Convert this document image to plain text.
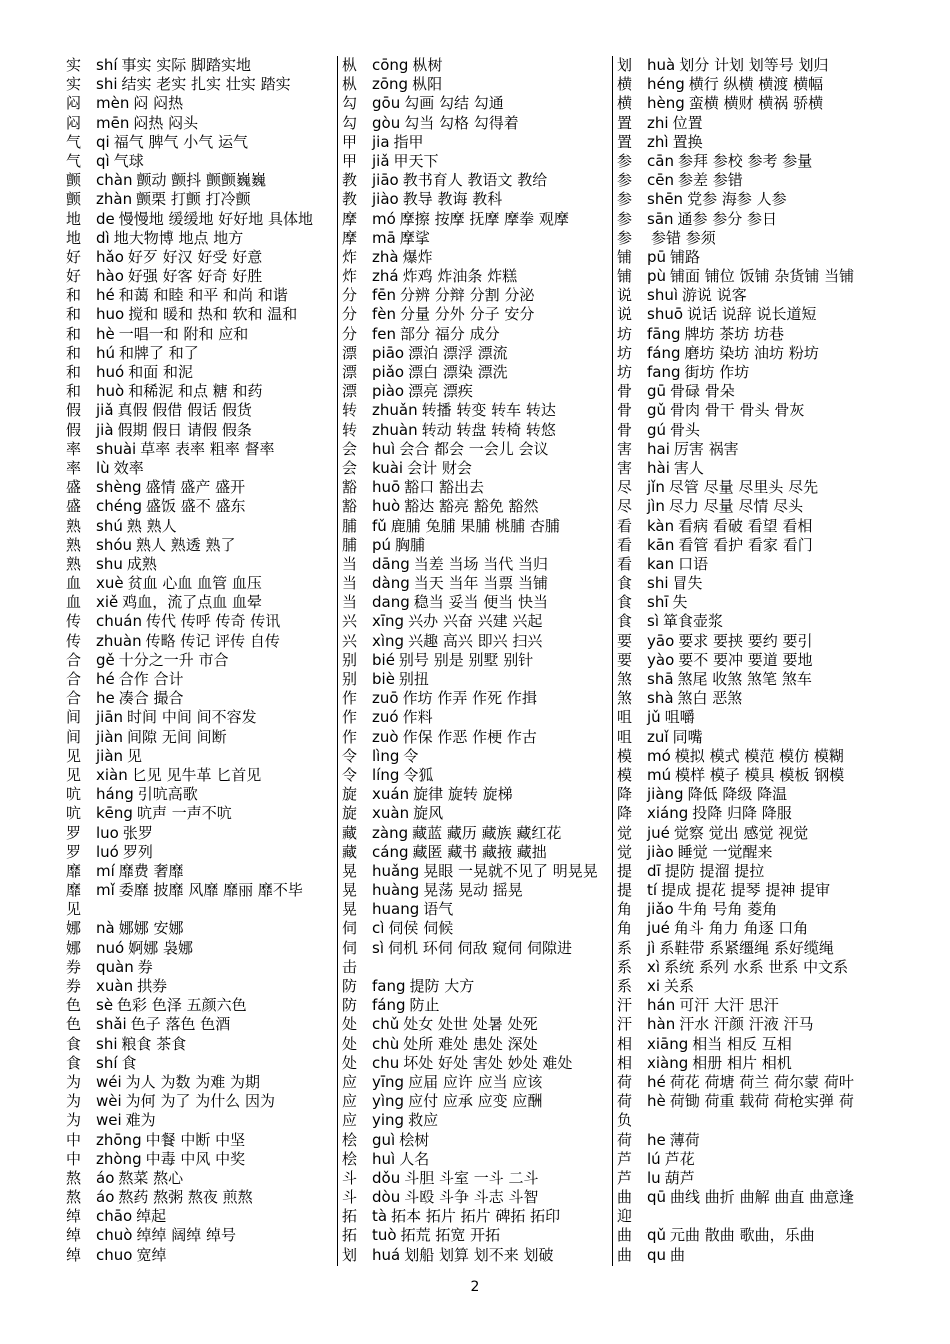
实 shí 事实 实际 脚踏实地
实 shi 结实 老实 扎实 壮实 踏实
闷 mèn 闷 闷热
闷 mēn 闷热 闷头
气 qi 福气 脾气 小气 运气
气 qì 气球
颤 chàn 颤动 颤抖 颤颤巍巍
颤 zhàn 颤栗 打颤 打冷颤
地 de 慢慢地 缓缓地 好好地 具体地
地 dì 地大物博 地点 地方
好 hǎo 好歹 好汉 好受 好意
好 hào 好强 好客 好奇 好胜
和 hé 和蔼 和睦 和平 和尚 和谐
和 huo 搅和 暖和 热和 软和 温和
和 hè 一唱一和 附和 应和
和 hú 和牌了 和了
和 huó 和面 和泥
和 huò 和稀泥 和点 糖 和药
假 jiǎ 真假 假借 假话 假货
假 jià 假期 假日 请假 假条
率 shuài 草率 表率 粗率 督率
率 lù 效率
盛 shèng 盛情 盛产 盛开
盛 chéng 盛饭 盛不 盛东
熟 shú 熟 熟人
熟 shóu 熟人 熟透 熟了
熟 shu 成熟
血 xuè 贫血 心血 血管 血压
血 xiě 鸡血，流了点血 血晕
传 chuán 传代 传呼 传奇 传讯
传 zhuàn 传略 传记 评传 自传
合 gě 十分之一升 市合
合 hé 合作 合计
合 he 凑合 撮合
间 jiān 时间 中间 间不容发
间 jiàn 间隙 无间 间断
见 jiàn 见
见 xiàn 匕见 见牛革 匕首见
吭 háng 引吭高歌
吭 kēng 吭声 一声不吭
罗 luo 张罗
罗 luó 罗列
靡 mí 靡费 奢靡
靡 mǐ 委靡 披靡 风靡 靡丽 靡不毕
见
娜 nà 娜娜 安娜
娜 nuó 婀娜 袅娜
券 quàn 券
券 xuàn 拱券
色 sè 色彩 色泽 五颜六色
色 shǎi 色子 落色 色酒
食 shi 粮食 茶食
食 shí 食
为 wéi 为人 为数 为难 为期
为 wèi 为何 为了 为什么 因为
为 wei 难为
中 zhōng 中餐 中断 中坚
中 zhòng 中毒 中风 中奖
熬 áo 熬菜 熬心
熬 áo 熬药 熬粥 熬夜 煎熬
绰 chāo 绰起
绰 chuò 绰绰 阔绰 绰号
绰 chuo 宽绰
枞 cōng 枞树
枞 zōng 枞阳
勾 gōu 勾画 勾结 勾通
勾 gòu 勾当 勾格 勾得着
甲 jia 指甲
甲 jiǎ 甲天下
教 jiāo 教书育人 教语文 教给
教 jiào 教导 教诲 教科
摩 mó 摩擦 按摩 抚摩 摩拳 观摩
摩 mā 摩挲
炸 zhà 爆炸
炸 zhá 炸鸡 炸油条 炸糕
分 fēn 分辨 分辩 分割 分泌
分 fèn 分量 分外 分子 安分
分 fen 部分 福分 成分
漂 piāo 漂泊 漂浮 漂流
漂 piǎo 漂白 漂染 漂洗
漂 piào 漂亮 漂疾
转 zhuǎn 转播 转变 转车 转达
转 zhuàn 转动 转盘 转椅 转悠
会 huì 会合 都会 一会儿 会议
会 kuài 会计 财会
豁 huō 豁口 豁出去
豁 huò 豁达 豁亮 豁免 豁然
脯 fǔ 鹿脯 兔脯 果脯 桃脯 杏脯
脯 pú 胸脯
当 dāng 当差 当场 当代 当归
当 dàng 当天 当年 当票 当铺
当 dang 稳当 妥当 便当 快当
兴 xīng 兴办 兴奋 兴建 兴起
兴 xìng 兴趣 高兴 即兴 扫兴
别 bié 别号 别是 别墅 别针
别 biè 别扭
作 zuō 作坊 作弄 作死 作揖
作 zuó 作料
作 zuò 作保 作恶 作梗 作古
令 lìng 令
令 líng 令狐
旋 xuán 旋律 旋转 旋梯
旋 xuàn 旋风
藏 zàng 藏蓝 藏历 藏族 藏红花
藏 cáng 藏匿 藏书 藏掖 藏拙
晃 huǎng 晃眼 一晃就不见了 明晃晃
晃 huàng 晃荡 晃动 摇晃
晃 huang 语气
伺 cì 伺侯 伺候
伺 sì 伺机 环伺 伺敌 窥伺 伺隙进
击
防 fang 提防 大方
防 fáng 防止
处 chǔ 处女 处世 处暑 处死
处 chù 处所 难处 患处 深处
处 chu 坏处 好处 害处 妙处 难处
应 yīng 应届 应许 应当 应该
应 yìng 应付 应承 应变 应酬
应 ying 救应
桧 guì 桧树
桧 huì 人名
斗 dǒu 斗胆 斗室 一斗 二斗
斗 dòu 斗殴 斗争 斗志 斗智
拓 tà 拓本 拓片 拓片 碑拓 拓印
拓 tuò 拓荒 拓宽 开拓
划 huá 划船 划算 划不来 划破
划 huà 划分 计划 划等号 划归
横 héng 横行 纵横 横渡 横幅
横 hèng 蛮横 横财 横祸 骄横
置 zhi 位置
置 zhì 置换
参 cān 参拜 参校 参考 参量
参 cēn 参差 参错
参 shēn 党参 海参 人参
参 sān 通参 参分 参日
参 参错 参须
铺 pū 铺路
铺 pù 铺面 铺位 饭铺 杂货铺 当铺
说 shuì 游说 说客
说 shuō 说话 说辞 说长道短
坊 fāng 牌坊 茶坊 坊巷
坊 fáng 磨坊 染坊 油坊 粉坊
坊 fang 街坊 作坊
骨 gū 骨碌 骨朵
骨 gǔ 骨肉 骨干 骨头 骨灰
骨 gú 骨头
害 hai 厉害 祸害
害 hài 害人
尽 jǐn 尽管 尽量 尽里头 尽先
尽 jìn 尽力 尽量 尽情 尽头
看 kàn 看病 看破 看望 看相
看 kān 看管 看护 看家 看门
看 kan 口语
食 shi 冒失
食 shī 失
食 sì 箪食壶浆
要 yāo 要求 要挟 要约 要引
要 yào 要不 要冲 要道 要地
煞 shā 煞尾 收煞 煞笔 煞车
煞 shà 煞白 恶煞
咀 jǔ 咀嚼
咀 zuǐ 同嘴
模 mó 模拟 模式 模范 模仿 模糊
模 mú 模样 模子 模具 模板 钢模
降 jiàng 降低 降级 降温
降 xiáng 投降 归降 降服
觉 jué 觉察 觉出 感觉 视觉
觉 jiào 睡觉 一觉醒来
提 dī 提防 提溜 提拉
提 tí 提成 提花 提琴 提神 提审
角 jiǎo 牛角 号角 菱角
角 jué 角斗 角力 角逐 口角
系 jì 系鞋带 系紧缰绳 系好缆绳
系 xì 系统 系列 水系 世系 中文系
系 xi 关系
汗 hán 可汗 大汗 思汗
汗 hàn 汗水 汗颜 汗液 汗马
相 xiāng 相当 相反 互相
相 xiàng 相册 相片 相机
荷 hé 荷花 荷塘 荷兰 荷尔蒙 荷叶
荷 hè 荷锄 荷重 载荷 荷枪实弹 荷
负
荷 he 薄荷
芦 lú 芦花
芦 lu 葫芦
曲 qū 曲线 曲折 曲解 曲直 曲意逢
迎
曲 qǔ 元曲 散曲 歌曲，乐曲
曲 qu 曲
2
